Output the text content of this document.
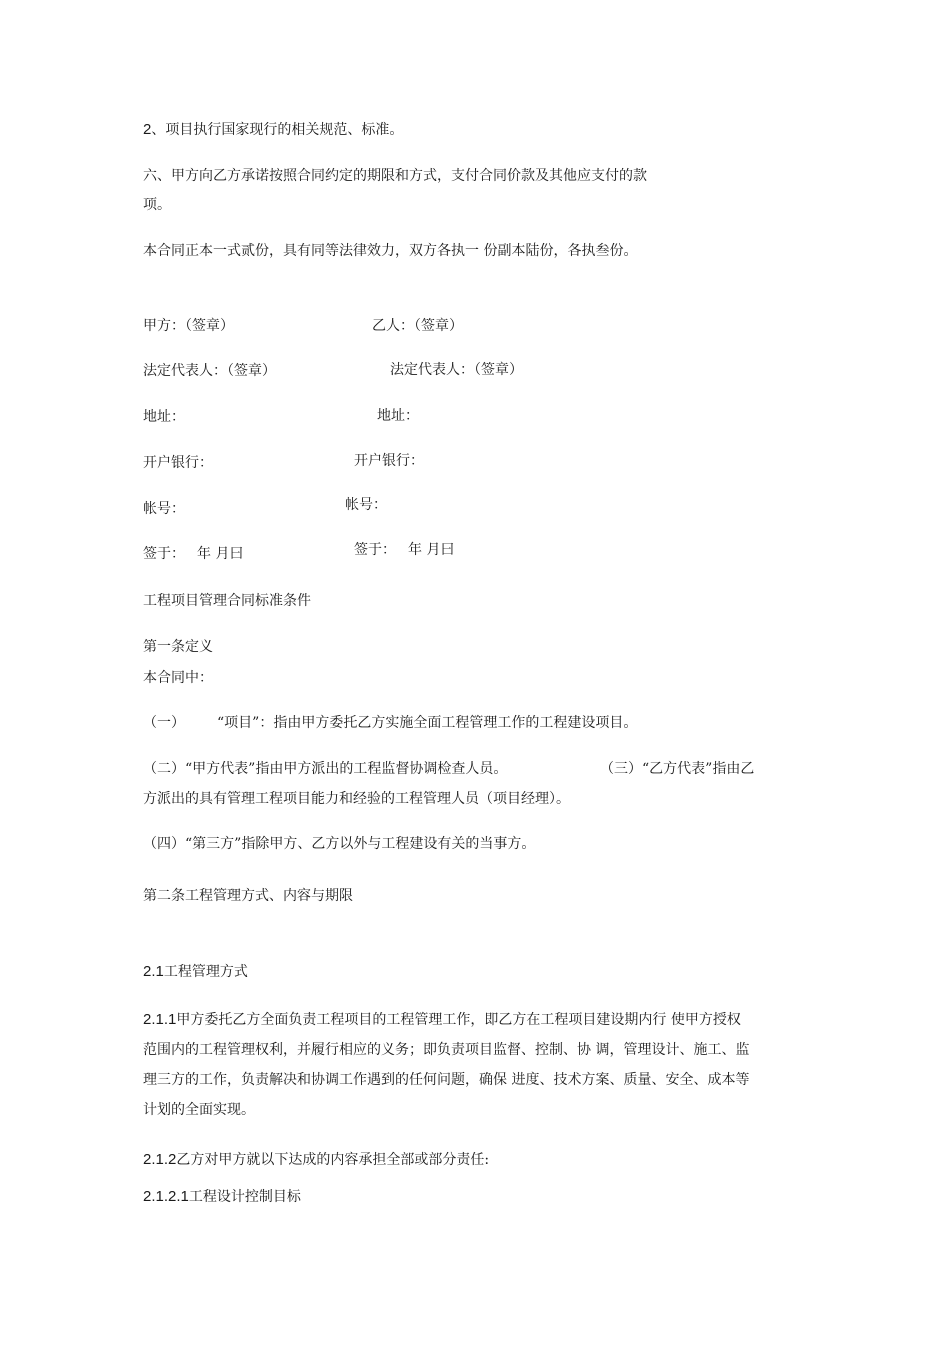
2、项目执行国家现行的相关规范、标准。
六、甲方向乙方承诺按照合同约定的期限和方式，支付合同价款及其他应支付的款
项。
本合同正本一式贰份，具有同等法律效力，双方各执一 份副本陆份，各执叁份。
甲方：（签章）	乙人：（签章）
法定代表人：（签章）	法定代表人：（签章）
地址：	地址：
开户银行：	开户银行：
帐号：	帐号：
签于： 年 月曰	签于： 年 月曰
工程项目管理合同标准条件
第一条定义
本合同中：
（一） “项目”：指由甲方委托乙方实施全面工程管理工作的工程建设项目。
（二）“甲方代表”指由甲方派出的工程监督协调检查人员。	（三）“乙方代表”指由乙
方派出的具有管理工程项目能力和经验的工程管理人员（项目经理）。
（四）“第三方”指除甲方、乙方以外与工程建设有关的当事方。
第二条工程管理方式、内容与期限
2.1工程管理方式
2.1.1甲方委托乙方全面负责工程项目的工程管理工作，即乙方在工程项目建设期内行 使甲方授权
范围内的工程管理权利，并履行相应的义务；即负责项目监督、控制、协 调，管理设计、施工、监
理三方的工作，负责解决和协调工作遇到的任何问题，确保 进度、技术方案、质量、安全、成本等
计划的全面实现。
2.1.2乙方对甲方就以下达成的内容承担全部或部分责任:
2.1.2.1工程设计控制目标
